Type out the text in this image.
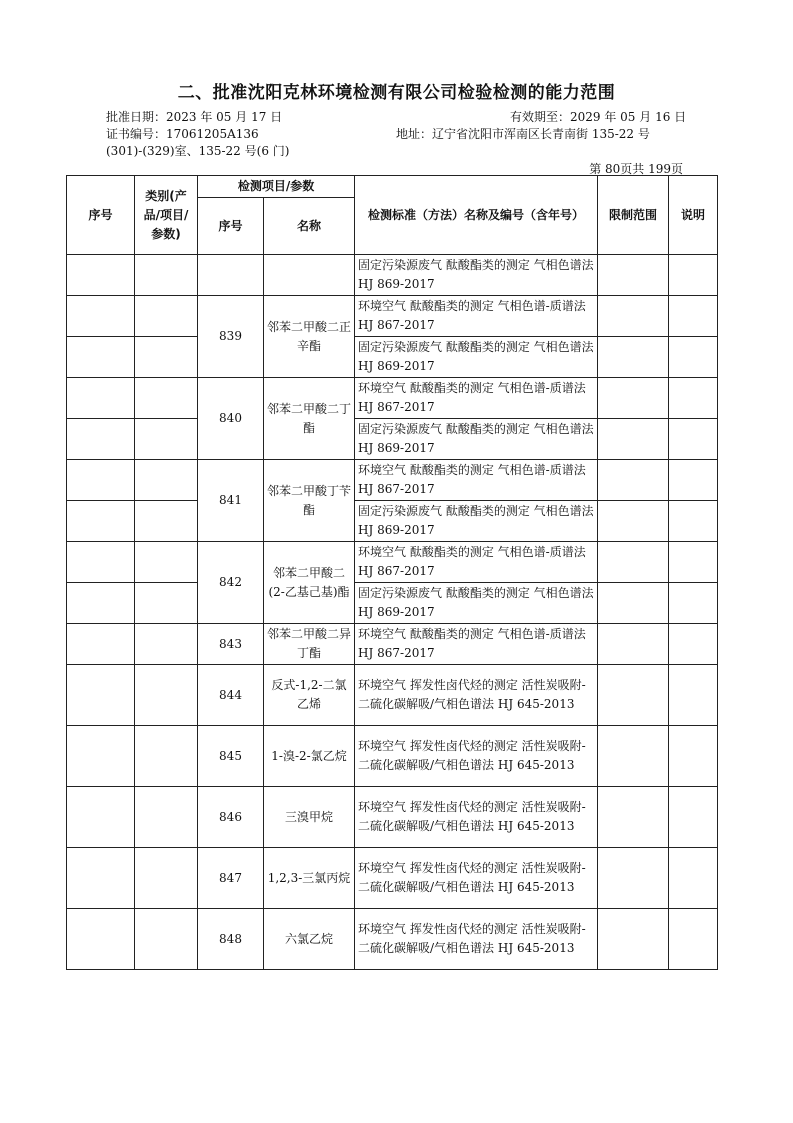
二、批准沈阳克林环境检测有限公司检验检测的能力范围
批准日期：2023 年 05 月 17 日	有效期至：2029 年 05 月 16 日
证书编号：17061205A136	地址：辽宁省沈阳市浑南区长青南街 135-22 号
(301)-(329)室、135-22 号(6 门)
第 80页共 199页
序号	类别(产品/项目/参数)	检测项目/参数		检测标准（方法）名称及编号（含年号）	限制范围	说明
		序号	名称			
				固定污染源废气 酞酸酯类的测定 气相色谱法 HJ 869-2017		
		839	邻苯二甲酸二正辛酯	环境空气 酞酸酯类的测定 气相色谱-质谱法 HJ 867-2017		
				固定污染源废气 酞酸酯类的测定 气相色谱法 HJ 869-2017		
		840	邻苯二甲酸二丁酯	环境空气 酞酸酯类的测定 气相色谱-质谱法 HJ 867-2017		
				固定污染源废气 酞酸酯类的测定 气相色谱法 HJ 869-2017		
		841	邻苯二甲酸丁苄酯	环境空气 酞酸酯类的测定 气相色谱-质谱法 HJ 867-2017		
				固定污染源废气 酞酸酯类的测定 气相色谱法 HJ 869-2017		
		842	邻苯二甲酸二(2-乙基己基)酯	环境空气 酞酸酯类的测定 气相色谱-质谱法 HJ 867-2017		
				固定污染源废气 酞酸酯类的测定 气相色谱法 HJ 869-2017		
		843	邻苯二甲酸二异丁酯	环境空气 酞酸酯类的测定 气相色谱-质谱法 HJ 867-2017		
		844	反式-1,2-二氯乙烯	环境空气 挥发性卤代烃的测定 活性炭吸附-二硫化碳解吸/气相色谱法 HJ 645-2013		
		845	1-溴-2-氯乙烷	环境空气 挥发性卤代烃的测定 活性炭吸附-二硫化碳解吸/气相色谱法 HJ 645-2013		
		846	三溴甲烷	环境空气 挥发性卤代烃的测定 活性炭吸附-二硫化碳解吸/气相色谱法 HJ 645-2013		
		847	1,2,3-三氯丙烷	环境空气 挥发性卤代烃的测定 活性炭吸附-二硫化碳解吸/气相色谱法 HJ 645-2013		
		848	六氯乙烷	环境空气 挥发性卤代烃的测定 活性炭吸附-二硫化碳解吸/气相色谱法 HJ 645-2013		
